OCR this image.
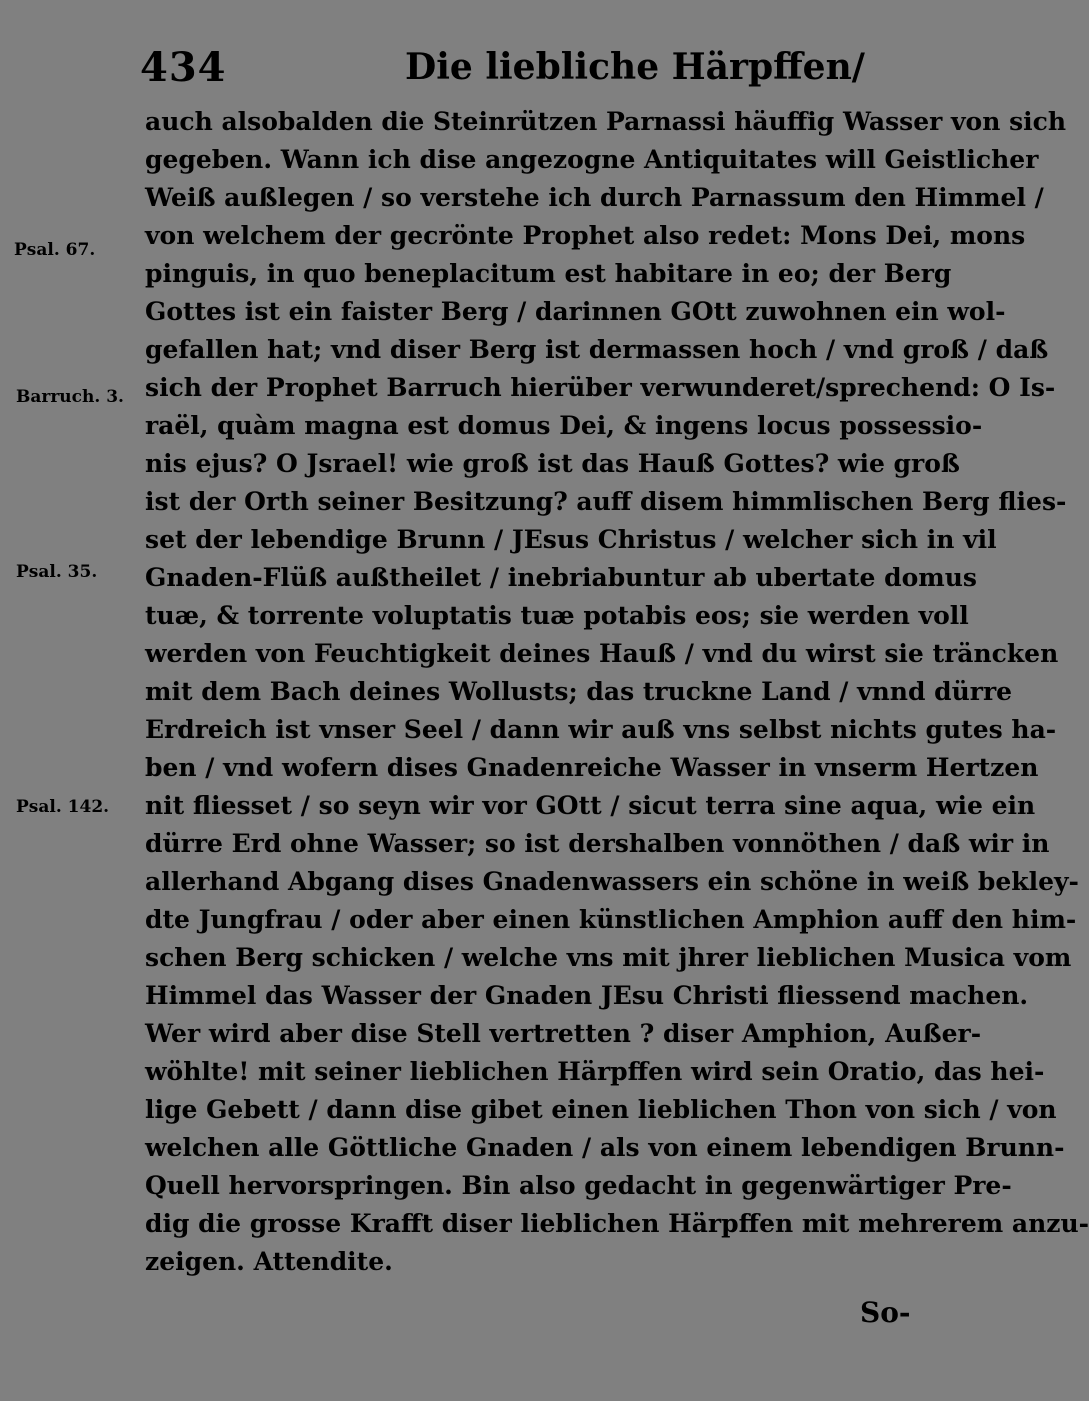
434	Die liebliche Härpffen/
Psal. 67.
Barruch. 3.
Psal. 35.
Psal. 142.
auch alsobalden die Steinrützen Parnassi häuffig Wasser von sich
gegeben. Wann ich dise angezogne Antiquitates will Geistlicher
Weiß außlegen / so verstehe ich durch Parnassum den Himmel /
von welchem der gecrönte Prophet also redet: Mons Dei, mons
pinguis, in quo beneplacitum est habitare in eo; der Berg
Gottes ist ein faister Berg / darinnen GOtt zuwohnen ein wol-
gefallen hat; vnd diser Berg ist dermassen hoch / vnd groß / daß
sich der Prophet Barruch hierüber verwunderet/sprechend: O Is-
raël, quàm magna est domus Dei, & ingens locus possessio-
nis ejus? O Jsrael! wie groß ist das Hauß Gottes? wie groß
ist der Orth seiner Besitzung? auff disem himmlischen Berg flies-
set der lebendige Brunn / JEsus Christus / welcher sich in vil
Gnaden-Flüß außtheilet / inebriabuntur ab ubertate domus
tuæ, & torrente voluptatis tuæ potabis eos; sie werden voll
werden von Feuchtigkeit deines Hauß / vnd du wirst sie träncken
mit dem Bach deines Wollusts; das truckne Land / vnnd dürre
Erdreich ist vnser Seel / dann wir auß vns selbst nichts gutes ha-
ben / vnd wofern dises Gnadenreiche Wasser in vnserm Hertzen
nit fliesset / so seyn wir vor GOtt / sicut terra sine aqua, wie ein
dürre Erd ohne Wasser; so ist dershalben vonnöthen / daß wir in
allerhand Abgang dises Gnadenwassers ein schöne in weiß bekley-
dte Jungfrau / oder aber einen künstlichen Amphion auff den him-
schen Berg schicken / welche vns mit jhrer lieblichen Musica vom
Himmel das Wasser der Gnaden JEsu Christi fliessend machen.
Wer wird aber dise Stell vertretten ? diser Amphion, Außer-
wöhlte! mit seiner lieblichen Härpffen wird sein Oratio, das hei-
lige Gebett / dann dise gibet einen lieblichen Thon von sich / von
welchen alle Göttliche Gnaden / als von einem lebendigen Brunn-
Quell hervorspringen. Bin also gedacht in gegenwärtiger Pre-
dig die grosse Krafft diser lieblichen Härpffen mit mehrerem anzu-
zeigen. Attendite.
So-
